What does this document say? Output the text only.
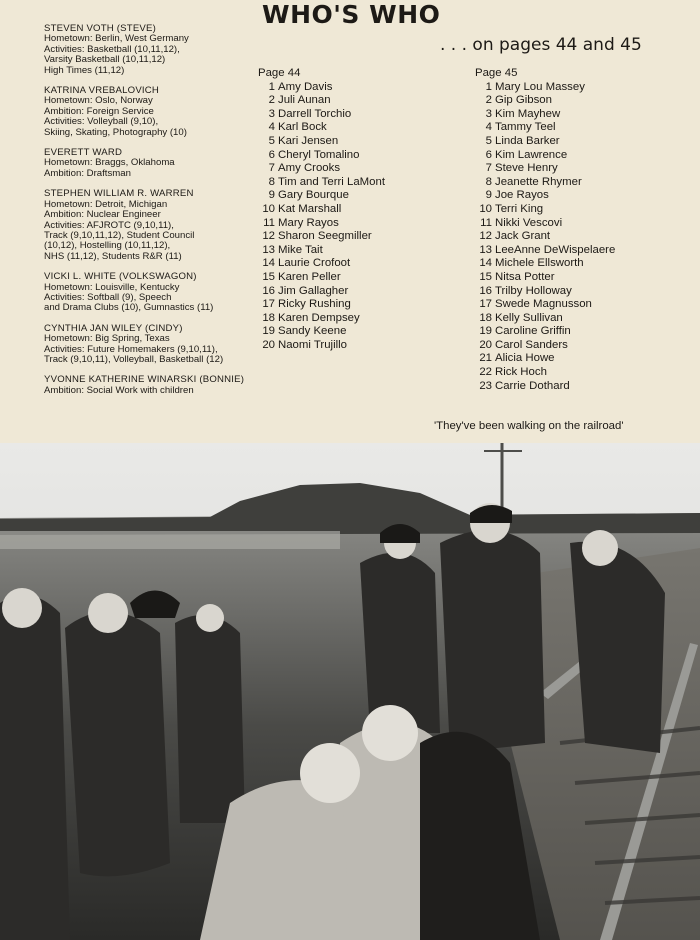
WHO'S WHO
. . . on pages 44 and 45
STEVEN VOTH (STEVE)
Hometown: Berlin, West Germany
Activities: Basketball (10,11,12),
Varsity Basketball (10,11,12)
High Times (11,12)
KATRINA VREBALOVICH
Hometown: Oslo, Norway
Ambition: Foreign Service
Activities: Volleyball (9,10),
Skiing, Skating, Photography (10)
EVERETT WARD
Hometown: Braggs, Oklahoma
Ambition: Draftsman
STEPHEN WILLIAM R. WARREN
Hometown: Detroit, Michigan
Ambition: Nuclear Engineer
Activities: AFJROTC (9,10,11),
Track (9,10,11,12), Student Council
(10,12), Hostelling (10,11,12),
NHS (11,12), Students R&R (11)
VICKI L. WHITE (VOLKSWAGON)
Hometown: Louisville, Kentucky
Activities: Softball (9), Speech
and Drama Clubs (10), Gumnastics (11)
CYNTHIA JAN WILEY (CINDY)
Hometown: Big Spring, Texas
Activities: Future Homemakers (9,10,11),
Track (9,10,11), Volleyball, Basketball (12)
YVONNE KATHERINE WINARSKI (BONNIE)
Ambition: Social Work with children
Page 44
1 Amy Davis
2 Juli Aunan
3 Darrell Torchio
4 Karl Bock
5 Kari Jensen
6 Cheryl Tomalino
7 Amy Crooks
8 Tim and Terri LaMont
9 Gary Bourque
10 Kat Marshall
11 Mary Rayos
12 Sharon Seegmiller
13 Mike Tait
14 Laurie Crofoot
15 Karen Peller
16 Jim Gallagher
17 Ricky Rushing
18 Karen Dempsey
19 Sandy Keene
20 Naomi Trujillo
Page 45
1 Mary Lou Massey
2 Gip Gibson
3 Kim Mayhew
4 Tammy Teel
5 Linda Barker
6 Kim Lawrence
7 Steve Henry
8 Jeanette Rhymer
9 Joe Rayos
10 Terri King
11 Nikki Vescovi
12 Jack Grant
13 LeeAnne DeWispelaere
14 Michele Ellsworth
15 Nitsa Potter
16 Trilby Holloway
17 Swede Magnusson
18 Kelly Sullivan
19 Caroline Griffin
20 Carol Sanders
21 Alicia Howe
22 Rick Hoch
23 Carrie Dothard
'They've been walking on the railroad'
